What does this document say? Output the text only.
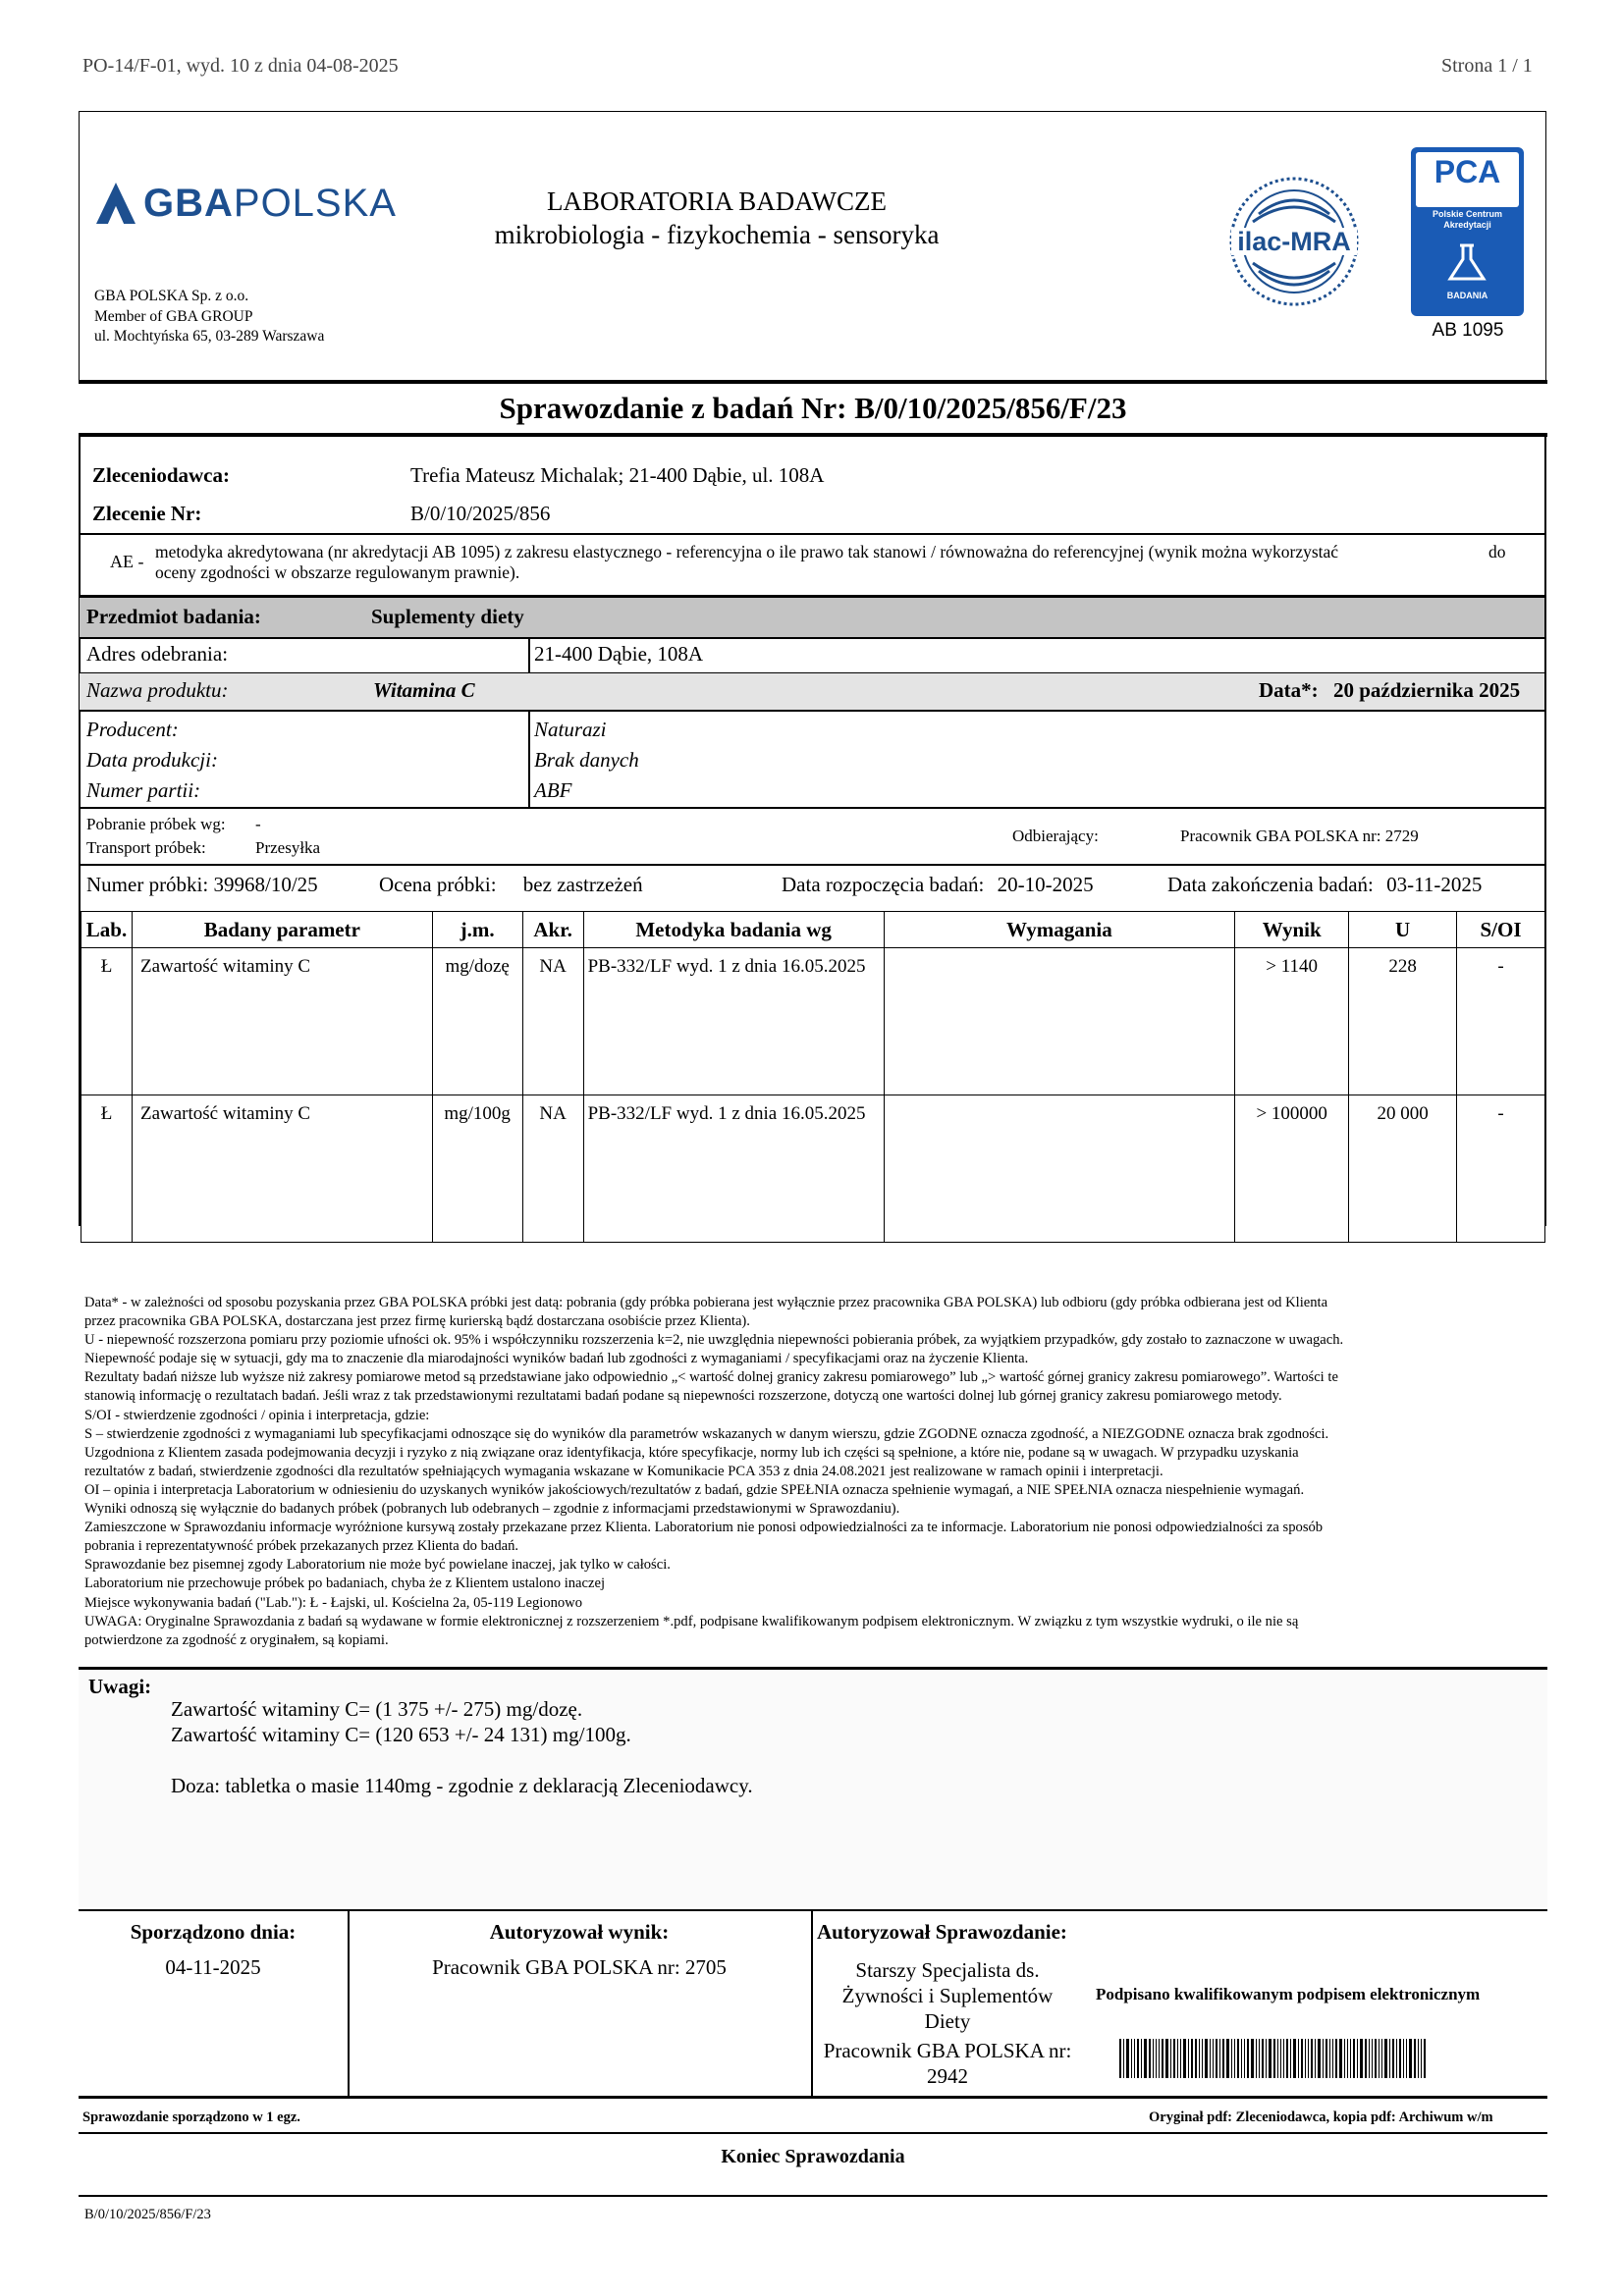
PO-14/F-01, wyd. 10 z dnia 04-08-2025	Strona 1 / 1
GBA POLSKA
GBA POLSKA Sp. z o.o.
Member of GBA GROUP
ul. Mochtyńska 65, 03-289 Warszawa
LABORATORIA BADAWCZE
mikrobiologia - fizykochemia - sensoryka	ilac-MRA
PCA
Polskie Centrum
Akredytacji
BADANIA
AB 1095
Sprawozdanie z badań Nr: B/0/10/2025/856/F/23
Zleceniodawca:	Trefia Mateusz Michalak; 21-400 Dąbie, ul. 108A
Zlecenie Nr:	B/0/10/2025/856
AE - metodyka akredytowana (nr akredytacji AB 1095) z zakresu elastycznego - referencyjna o ile prawo tak stanowi / równoważna do referencyjnej (wynik można wykorzystać
oceny zgodności w obszarze regulowanym prawnie).
do
Przedmiot badania:	Suplementy diety
Adres odebrania:	21-400 Dąbie, 108A
Nazwa produktu:	Witamina C	Data*: 20 października 2025
Producent:	Naturazi
Data produkcji:	Brak danych
Numer partii:	ABF
Pobranie próbek wg: -
Transport próbek:	Przesyłka
Odbierający:	Pracownik GBA POLSKA nr: 2729
Numer próbki: 39968/10/25	Ocena próbki: bez zastrzeżeń	Data rozpoczęcia badań: 20-10-2025	Data zakończenia badań: 03-11-2025
Lab.	Badany parametr	j.m.	Akr.	Metodyka badania wg	Wymagania	Wynik	U	S/OI
Ł	Zawartość witaminy C	mg/dozę	NA	PB-332/LF wyd. 1 z dnia 16.05.2025		> 1140	228	-
Ł	Zawartość witaminy C	mg/100g	NA	PB-332/LF wyd. 1 z dnia 16.05.2025		> 100000	20 000	-
Data* - w zależności od sposobu pozyskania przez GBA POLSKA próbki jest datą: pobrania (gdy próbka pobierana jest wyłącznie przez pracownika GBA POLSKA) lub odbioru (gdy próbka odbierana jest od Klienta
przez pracownika GBA POLSKA, dostarczana jest przez firmę kurierską bądź dostarczana osobiście przez Klienta).
U - niepewność rozszerzona pomiaru przy poziomie ufności ok. 95% i współczynniku rozszerzenia k=2, nie uwzględnia niepewności pobierania próbek, za wyjątkiem przypadków, gdy zostało to zaznaczone w uwagach.
Niepewność podaje się w sytuacji, gdy ma to znaczenie dla miarodajności wyników badań lub zgodności z wymaganiami / specyfikacjami oraz na życzenie Klienta.
Rezultaty badań niższe lub wyższe niż zakresy pomiarowe metod są przedstawiane jako odpowiednio „< wartość dolnej granicy zakresu pomiarowego” lub „> wartość górnej granicy zakresu pomiarowego”. Wartości te
stanowią informację o rezultatach badań. Jeśli wraz z tak przedstawionymi rezultatami badań podane są niepewności rozszerzone, dotyczą one wartości dolnej lub górnej granicy zakresu pomiarowego metody.
S/OI - stwierdzenie zgodności / opinia i interpretacja, gdzie:
S – stwierdzenie zgodności z wymaganiami lub specyfikacjami odnoszące się do wyników dla parametrów wskazanych w danym wierszu, gdzie ZGODNE oznacza zgodność, a NIEZGODNE oznacza brak zgodności.
Uzgodniona z Klientem zasada podejmowania decyzji i ryzyko z nią związane oraz identyfikacja, które specyfikacje, normy lub ich części są spełnione, a które nie, podane są w uwagach. W przypadku uzyskania
rezultatów z badań, stwierdzenie zgodności dla rezultatów spełniających wymagania wskazane w Komunikacie PCA 353 z dnia 24.08.2021 jest realizowane w ramach opinii i interpretacji.
OI – opinia i interpretacja Laboratorium w odniesieniu do uzyskanych wyników jakościowych/rezultatów z badań, gdzie SPEŁNIA oznacza spełnienie wymagań, a NIE SPEŁNIA oznacza niespełnienie wymagań.
Wyniki odnoszą się wyłącznie do badanych próbek (pobranych lub odebranych – zgodnie z informacjami przedstawionymi w Sprawozdaniu).
Zamieszczone w Sprawozdaniu informacje wyróżnione kursywą zostały przekazane przez Klienta. Laboratorium nie ponosi odpowiedzialności za te informacje. Laboratorium nie ponosi odpowiedzialności za sposób
pobrania i reprezentatywność próbek przekazanych przez Klienta do badań.
Sprawozdanie bez pisemnej zgody Laboratorium nie może być powielane inaczej, jak tylko w całości.
Laboratorium nie przechowuje próbek po badaniach, chyba że z Klientem ustalono inaczej
Miejsce wykonywania badań ("Lab."): Ł - Łajski, ul. Kościelna 2a, 05-119 Legionowo
UWAGA: Oryginalne Sprawozdania z badań są wydawane w formie elektronicznej z rozszerzeniem *.pdf, podpisane kwalifikowanym podpisem elektronicznym. W związku z tym wszystkie wydruki, o ile nie są
potwierdzone za zgodność z oryginałem, są kopiami.
Uwagi:
Zawartość witaminy C= (1 375 +/- 275) mg/dozę.
Zawartość witaminy C= (120 653 +/- 24 131) mg/100g.
Doza: tabletka o masie 1140mg - zgodnie z deklaracją Zleceniodawcy.
Sporządzono dnia:
04-11-2025
Autoryzował wynik:
Pracownik GBA POLSKA nr: 2705
Autoryzował Sprawozdanie:
Starszy Specjalista ds.
Żywności i Suplementów
Diety
Pracownik GBA POLSKA nr:
2942
Podpisano kwalifikowanym podpisem elektronicznym
Sprawozdanie sporządzono w 1 egz.	Oryginał pdf: Zleceniodawca, kopia pdf: Archiwum w/m
Koniec Sprawozdania
B/0/10/2025/856/F/23
